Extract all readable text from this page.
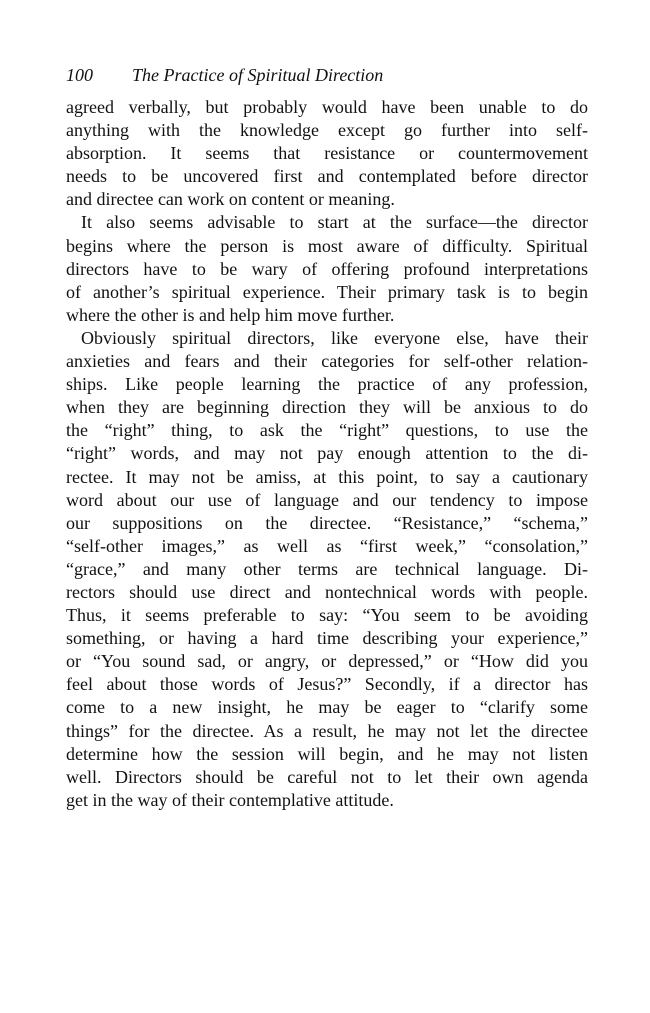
100 The Practice of Spiritual Direction

agreed verbally, but probably would have been unable to do
anything with the knowledge except go further into self-
absorption. It seems that resistance or countermovement
needs to be uncovered first and contemplated before director
and directee can work on content or meaning.

It also seems advisable to start at the surface—the director
begins where the person is most aware of difficulty. Spiritual
directors have to be wary of offering profound interpretations
of another’s spiritual experience. Their primary task is to begin
where the other is and help him move further.

Obviously spiritual directors, like everyone else, have their
anxieties and fears and their categories for self-other relation-
ships. Like people learning the practice of any profession,
when they are beginning direction they will be anxious to do
the “right” thing, to ask the “right” questions, to use the
“right” words, and may not pay enough attention to the di-
rectee. It may not be amiss, at this point, to say a cautionary
word about our use of language and our tendency to impose
our suppositions on the directee. “Resistance,” “schema,”
“self-other images,” as well as “first week,” “consolation,”
“grace,” and many other terms are technical language. Di-
rectors should use direct and nontechnical words with people.
Thus, it seems preferable to say: “You seem to be avoiding
something, or having a hard time describing your experience,”
or “You sound sad, or angry, or depressed,” or “How did you
feel about those words of Jesus?” Secondly, if a director has
come to a new insight, he may be eager to “clarify some
things” for the directee. As a result, he may not let the directee
determine how the session will begin, and he may not listen
well. Directors should be careful not to let their own agenda
get in the way of their contemplative attitude.
